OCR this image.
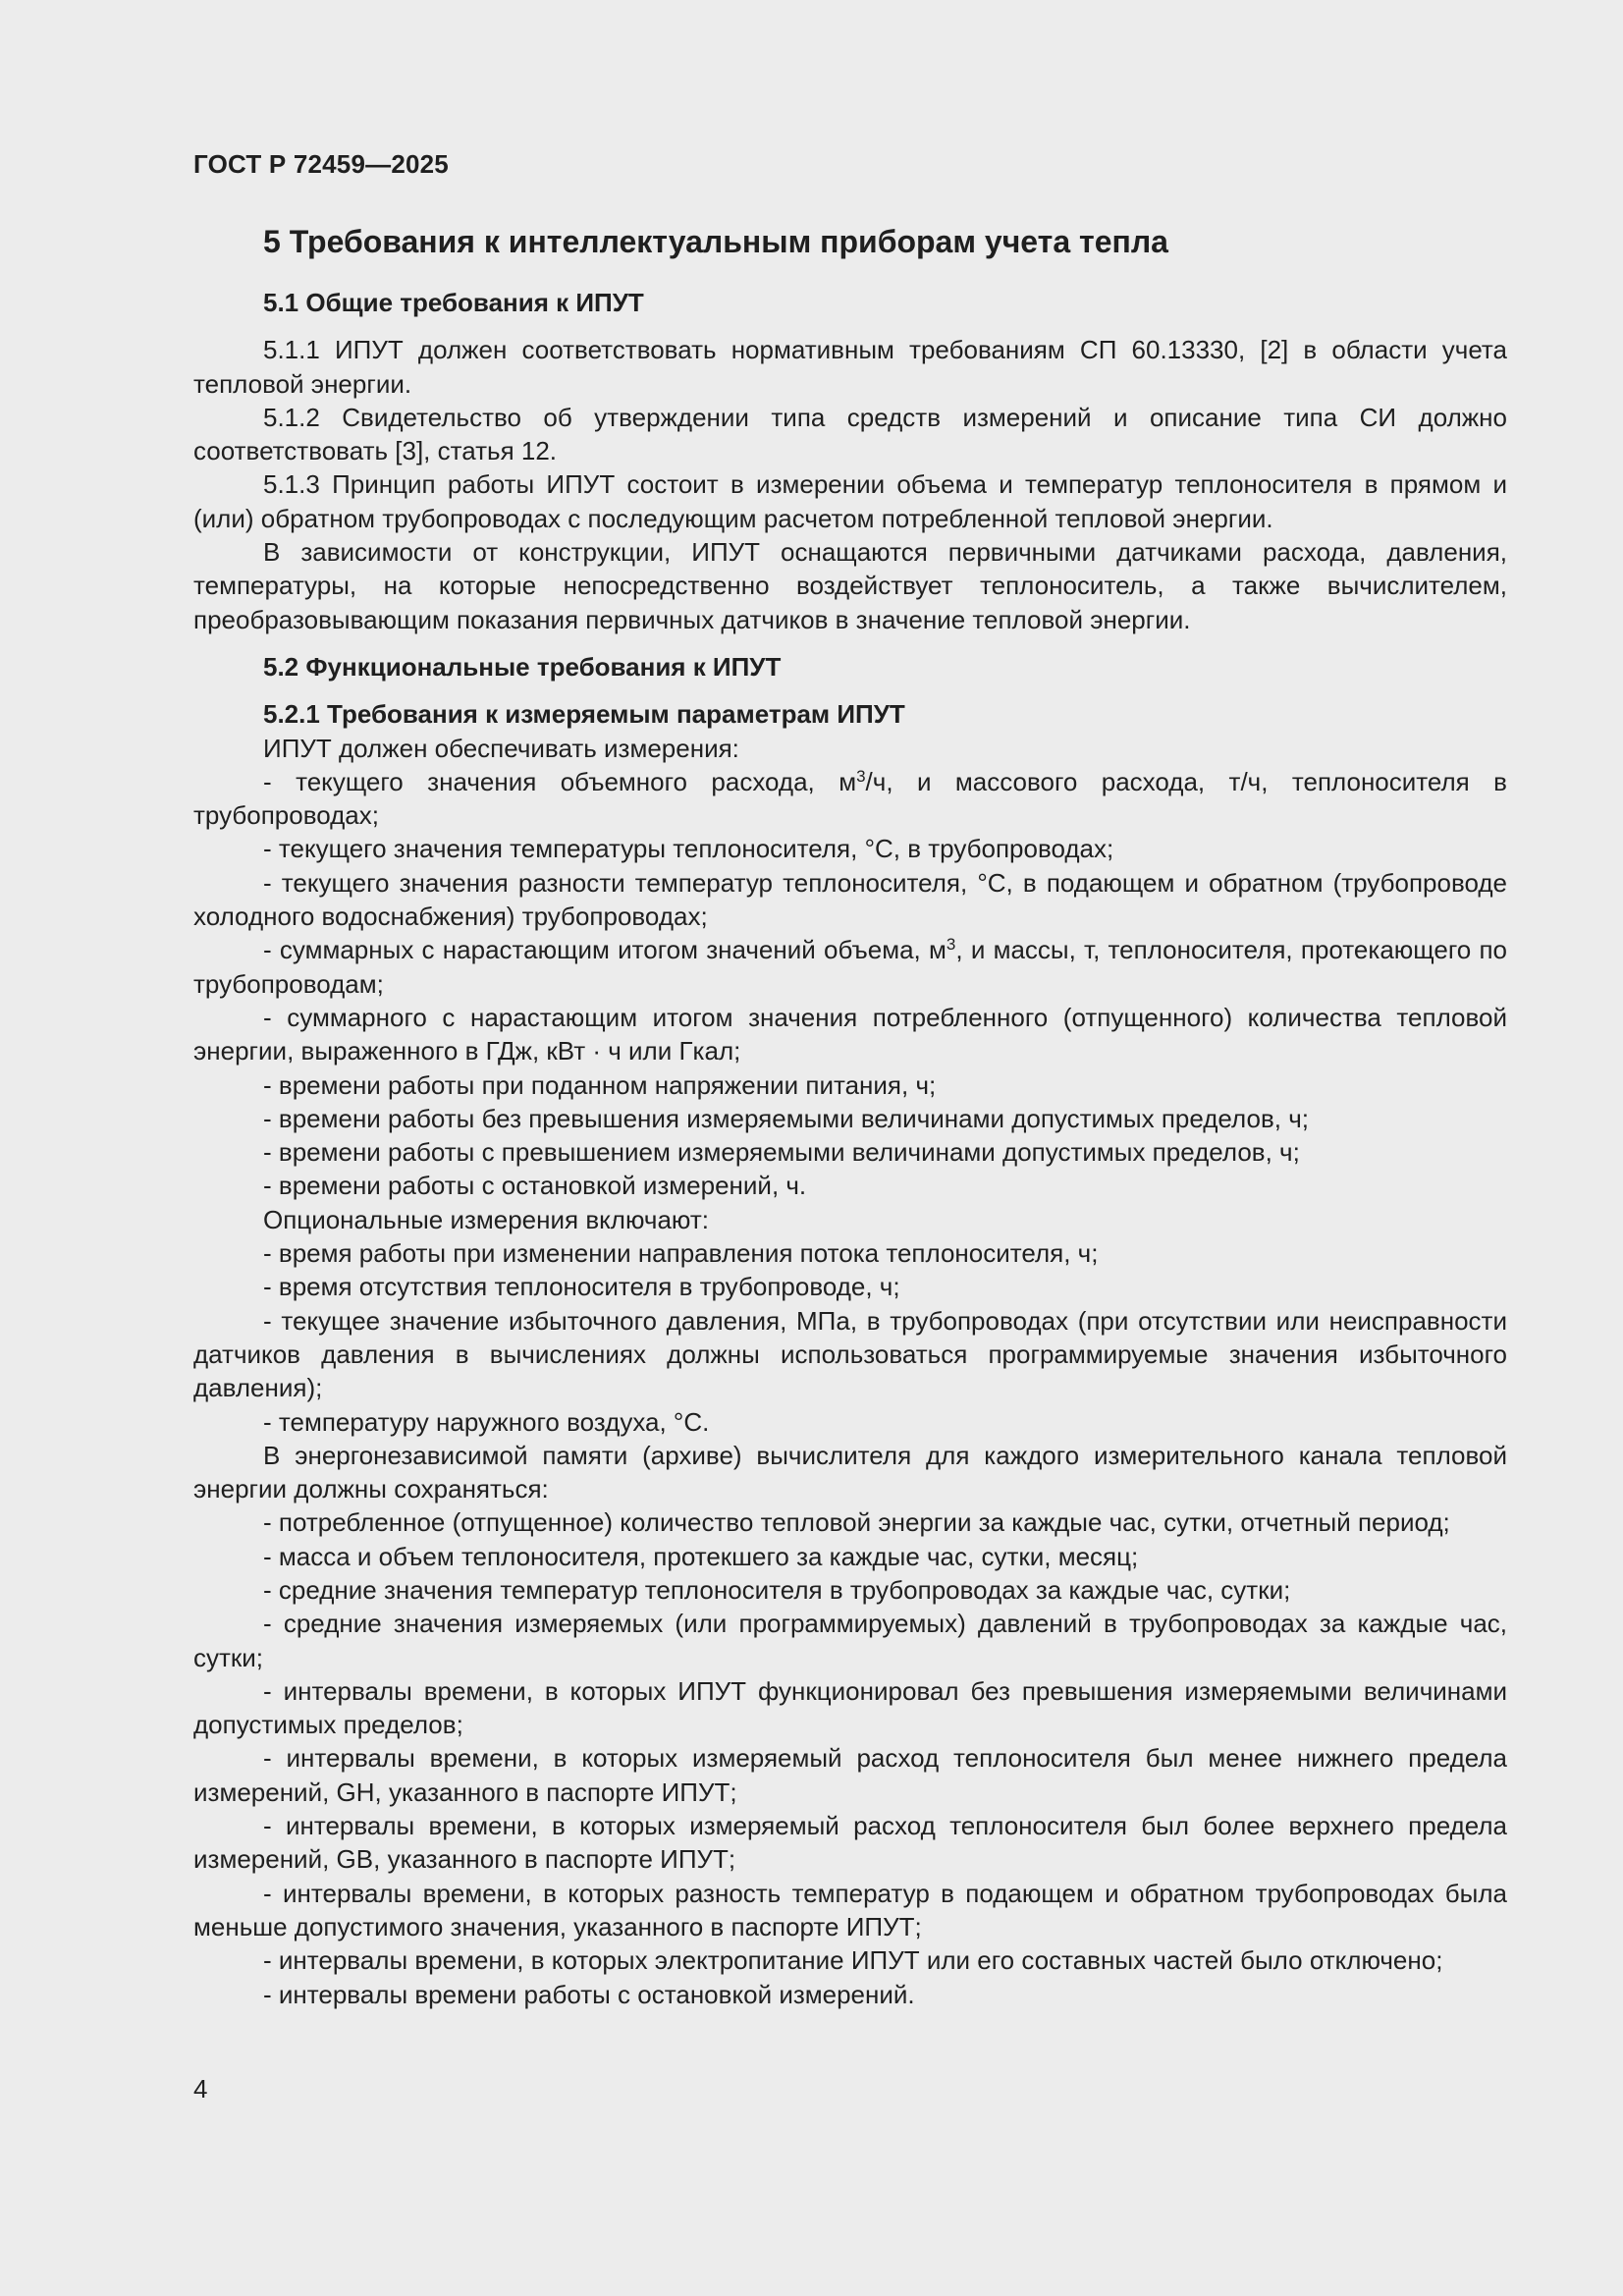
ГОСТ Р 72459—2025
5 Требования к интеллектуальным приборам учета тепла
5.1 Общие требования к ИПУТ

5.1.1 ИПУТ должен соответствовать нормативным требованиям СП 60.13330, [2] в области учета тепловой энергии.

5.1.2 Свидетельство об утверждении типа средств измерений и описание типа СИ должно соответствовать [3], статья 12.

5.1.3 Принцип работы ИПУТ состоит в измерении объема и температур теплоносителя в прямом и (или) обратном трубопроводах с последующим расчетом потребленной тепловой энергии.

В зависимости от конструкции, ИПУТ оснащаются первичными датчиками расхода, давления, температуры, на которые непосредственно воздействует теплоноситель, а также вычислителем, преобразовывающим показания первичных датчиков в значение тепловой энергии.

5.2 Функциональные требования к ИПУТ
5.2.1 Требования к измеряемым параметрам ИПУТ

ИПУТ должен обеспечивать измерения:

- текущего значения объемного расхода, $м^3/ч$, и массового расхода, т/ч, теплоносителя в трубопроводах;

- текущего значения температуры теплоносителя, °С, в трубопроводах;

- текущего значения разности температур теплоносителя, °С, в подающем и обратном (трубопроводе холодного водоснабжения) трубопроводах;

- суммарных с нарастающим итогом значений объема, $м^3$, и массы, т, теплоносителя, протекающего по трубопроводам;

- суммарного с нарастающим итогом значения потребленного (отпущенного) количества тепловой энергии, выраженного в ГДж, кВт · ч или Гкал;

- времени работы при поданном напряжении питания, ч;

- времени работы без превышения измеряемыми величинами допустимых пределов, ч;

- времени работы с превышением измеряемыми величинами допустимых пределов, ч;

- времени работы с остановкой измерений, ч.

Опциональные измерения включают:

- время работы при изменении направления потока теплоносителя, ч;

- время отсутствия теплоносителя в трубопроводе, ч;

- текущее значение избыточного давления, МПа, в трубопроводах (при отсутствии или неисправности датчиков давления в вычислениях должны использоваться программируемые значения избыточного давления);

- температуру наружного воздуха, °С.

В энергонезависимой памяти (архиве) вычислителя для каждого измерительного канала тепловой энергии должны сохраняться:

- потребленное (отпущенное) количество тепловой энергии за каждые час, сутки, отчетный период;

- масса и объем теплоносителя, протекшего за каждые час, сутки, месяц;

- средние значения температур теплоносителя в трубопроводах за каждые час, сутки;

- средние значения измеряемых (или программируемых) давлений в трубопроводах за каждые час, сутки;

- интервалы времени, в которых ИПУТ функционировал без превышения измеряемыми величинами допустимых пределов;

- интервалы времени, в которых измеряемый расход теплоносителя был менее нижнего предела измерений, GН, указанного в паспорте ИПУТ;

- интервалы времени, в которых измеряемый расход теплоносителя был более верхнего предела измерений, GВ, указанного в паспорте ИПУТ;

- интервалы времени, в которых разность температур в подающем и обратном трубопроводах была меньше допустимого значения, указанного в паспорте ИПУТ;

- интервалы времени, в которых электропитание ИПУТ или его составных частей было отключено;

- интервалы времени работы с остановкой измерений.

4
